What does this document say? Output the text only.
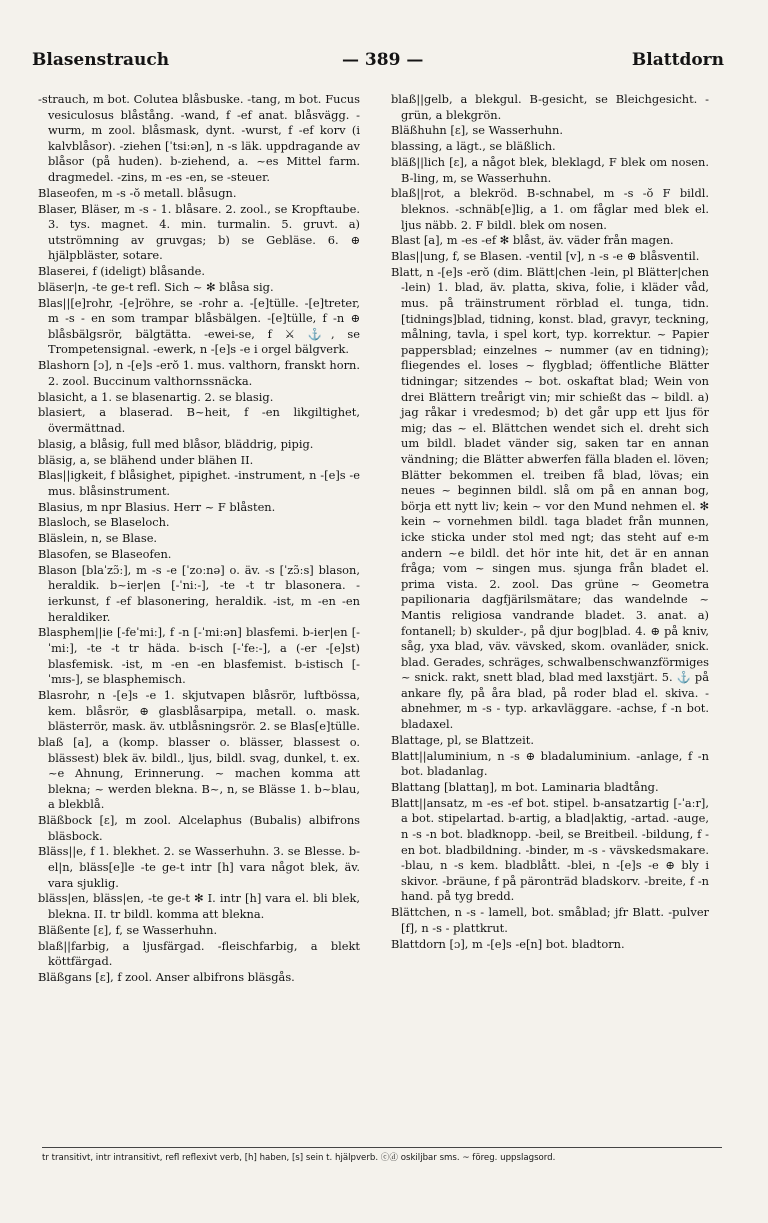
Blasenstrauch	— 389 —	Blattdorn
-strauch, m bot. Colutea blåsbuske. -tang, m bot. Fucus vesiculosus blåstång. -wand, f -ef anat. blåsvägg. -wurm, m zool. blåsmask, dynt. -wurst, f -ef korv (i kalvblåsor). -ziehen [ˈtsiːən], n -s läk. uppdragande av blåsor (på huden). b-ziehend, a. ~es Mittel farm. dragmedel. -zins, m -es -en, se -steuer.
Blaseofen, m -s -ŏ metall. blåsugn.
Blaser, Bläser, m -s - 1. blåsare. 2. zool., se Kropftaube. 3. tys. magnet. 4. min. turmalin. 5. gruvt. a) utströmning av gruvgas; b) se Gebläse. 6. ⊕ hjälpbläster, sotare.
Blaserei, f (ideligt) blåsande.
bläser|n, -te ge-t refl. Sich ~ ✻ blåsa sig.
Blas||[e]rohr, -[e]röhre, se -rohr a. -[e]tülle. -[e]treter, m -s - en som trampar blåsbälgen. -[e]tülle, f -n ⊕ blåsbälgsrör, bälgtätta. -ewei-se, f ⚔ ⚓, se Trompetensignal. -ewerk, n -[e]s -e i orgel bälgverk.
Blashorn [ɔ], n -[e]s -erŏ 1. mus. valthorn, franskt horn. 2. zool. Buccinum valthornssnäcka.
blasicht, a 1. se blasenartig. 2. se blasig.
blasiert, a blaserad. B~heit, f -en likgiltighet, övermättnad.
blasig, a blåsig, full med blåsor, bläddrig, pipig.
bläsig, a, se blähend under blähen II.
Blas||igkeit, f blåsighet, pipighet. -instrument, n -[e]s -e mus. blåsinstrument.
Blasius, m npr Blasius. Herr ~ F blåsten.
Blasloch, se Blaseloch.
Bläslein, n, se Blase.
Blasofen, se Blaseofen.
Blason [blaˈzɔ̃ː], m -s -e [ˈzoːnə] o. äv. -s [ˈzɔ̃ːs] blason, heraldik. b~ier|en [-ˈniː-], -te -t tr blasonera. -ierkunst, f -ef blasonering, heraldik. -ist, m -en -en heraldiker.
Blasphem||ie [-feˈmiː], f -n [-ˈmiːən] blasfemi. b-ier|en [-ˈmiː], -te -t tr häda. b-isch [-ˈfeː-], a (-er -[e]st) blasfemisk. -ist, m -en -en blasfemist. b-istisch [-ˈmɪs-], se blasphemisch.
Blasrohr, n -[e]s -e 1. skjutvapen blåsrör, luftbössa, kem. blåsrör, ⊕ glasblåsarpipa, metall. o. mask. blästerrör, mask. äv. utblåsningsrör. 2. se Blas[e]tülle.
blaß [a], a (komp. blasser o. blässer, blassest o. blässest) blek äv. bildl., ljus, bildl. svag, dunkel, t. ex. ~e Ahnung, Erinnerung. ~ machen komma att blekna; ~ werden blekna. B~, n, se Blässe 1. b~blau, a blekblå.
Bläßbock [ɛ], m zool. Alcelaphus (Bubalis) albifrons bläsbock.
Bläss||e, f 1. blekhet. 2. se Wasserhuhn. 3. se Blesse. b-el|n, bläss[e]le -te ge-t intr [h] vara något blek, äv. vara sjuklig.
bläss|en, bläss|en, -te ge-t ✻ I. intr [h] vara el. bli blek, blekna. II. tr bildl. komma att blekna.
Bläßente [ɛ], f, se Wasserhuhn.
blaß||farbig, a ljusfärgad. -fleischfarbig, a blekt köttfärgad.
Bläßgans [ɛ], f zool. Anser albifrons bläsgås.
blaß||gelb, a blekgul. B-gesicht, se Bleichgesicht. -grün, a blekgrön.
Bläßhuhn [ɛ], se Wasserhuhn.
blassing, a lägt., se bläßlich.
bläß||lich [ɛ], a något blek, bleklagd, F blek om nosen. B-ling, m, se Wasserhuhn.
blaß||rot, a blekröd. B-schnabel, m -s -ŏ F bildl. bleknos. -schnäb[e]lig, a 1. om fåglar med blek el. ljus näbb. 2. F bildl. blek om nosen.
Blast [a], m -es -ef ✻ blåst, äv. väder från magen.
Blas||ung, f, se Blasen. -ventil [v], n -s -e ⊕ blåsventil.
Blatt, n -[e]s -erŏ (dim. Blätt|chen -lein, pl Blätter|chen -lein) 1. blad, äv. platta, skiva, folie, i kläder våd, mus. på träinstrument rörblad el. tunga, tidn. [tidnings]blad, tidning, konst. blad, gravyr, teckning, målning, tavla, i spel kort, typ. korrektur. ~ Papier pappersblad; einzelnes ~ nummer (av en tidning); fliegendes el. loses ~ flygblad; öffentliche Blätter tidningar; sitzendes ~ bot. oskaftat blad; Wein von drei Blättern treårigt vin; mir schießt das ~ bildl. a) jag råkar i vredesmod; b) det går upp ett ljus för mig; das ~ el. Blättchen wendet sich el. dreht sich um bildl. bladet vänder sig, saken tar en annan vändning; die Blätter abwerfen fälla bladen el. löven; Blätter bekommen el. treiben få blad, lövas; ein neues ~ beginnen bildl. slå om på en annan bog, börja ett nytt liv; kein ~ vor den Mund nehmen el. ✻ kein ~ vornehmen bildl. taga bladet från munnen, icke sticka under stol med ngt; das steht auf e-m andern ~e bildl. det hör inte hit, det är en annan fråga; vom ~ singen mus. sjunga från bladet el. prima vista. 2. zool. Das grüne ~ Geometra papilionaria dagfjärilsmätare; das wandelnde ~ Mantis religiosa vandrande bladet. 3. anat. a) fontanell; b) skulder-, på djur bog|blad. 4. ⊕ på kniv, såg, yxa blad, väv. vävsked, skom. ovanläder, snick. blad. Gerades, schräges, schwalbenschwanzförmiges ~ snick. rakt, snett blad, blad med laxstjärt. 5. ⚓ på ankare fly, på åra blad, på roder blad el. skiva. -abnehmer, m -s - typ. arkavläggare. -achse, f -n bot. bladaxel.
Blattage, pl, se Blattzeit.
Blatt||aluminium, n -s ⊕ bladaluminium. -anlage, f -n bot. bladanlag.
Blattang [blattaŋ], m bot. Laminaria bladtång.
Blatt||ansatz, m -es -ef bot. stipel. b-ansatzartig [-ˈaːr], a bot. stipelartad. b-artig, a blad|aktig, -artad. -auge, n -s -n bot. bladknopp. -beil, se Breitbeil. -bildung, f -en bot. bladbildning. -binder, m -s - vävskedsmakare. -blau, n -s kem. bladblått. -blei, n -[e]s -e ⊕ bly i skivor. -bräune, f på päronträd bladskorv. -breite, f -n hand. på tyg bredd.
Blättchen, n -s - lamell, bot. småblad; jfr Blatt. -pulver [f], n -s - plattkrut.
Blattdorn [ɔ], m -[e]s -e[n] bot. bladtorn.
tr transitivt, intr intransitivt, refl reflexivt verb, [h] haben, [s] sein t. hjälpverb. ⓒⓓ oskiljbar sms. ~ föreg. uppslagsord.
